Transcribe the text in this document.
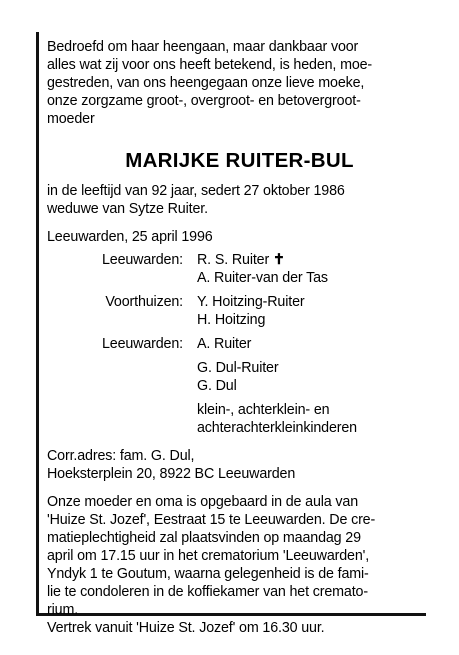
Bedroefd om haar heengaan, maar dankbaar voor
alles wat zij voor ons heeft betekend, is heden, moe-
gestreden, van ons heengegaan onze lieve moeke,
onze zorgzame groot-, overgroot- en betovergroot-
moeder
MARIJKE RUITER-BUL
in de leeftijd van 92 jaar, sedert 27 oktober 1986
weduwe van Sytze Ruiter.
Leeuwarden, 25 april 1996
Leeuwarden:	R. S. Ruiter ✝
	A. Ruiter-van der Tas

Voorthuizen:	Y. Hoitzing-Ruiter
	H. Hoitzing

Leeuwarden:	A. Ruiter

	G. Dul-Ruiter
	G. Dul

	klein-, achterklein- en
	achterachterkleinkinderen
Corr.adres: fam. G. Dul,
Hoeksterplein 20, 8922 BC Leeuwarden
Onze moeder en oma is opgebaard in de aula van
'Huize St. Jozef', Eestraat 15 te Leeuwarden. De cre-
matieplechtigheid zal plaatsvinden op maandag 29
april om 17.15 uur in het crematorium 'Leeuwarden',
Yndyk 1 te Goutum, waarna gelegenheid is de fami-
lie te condoleren in de koffiekamer van het cremato-
rium.
Vertrek vanuit 'Huize St. Jozef' om 16.30 uur.
